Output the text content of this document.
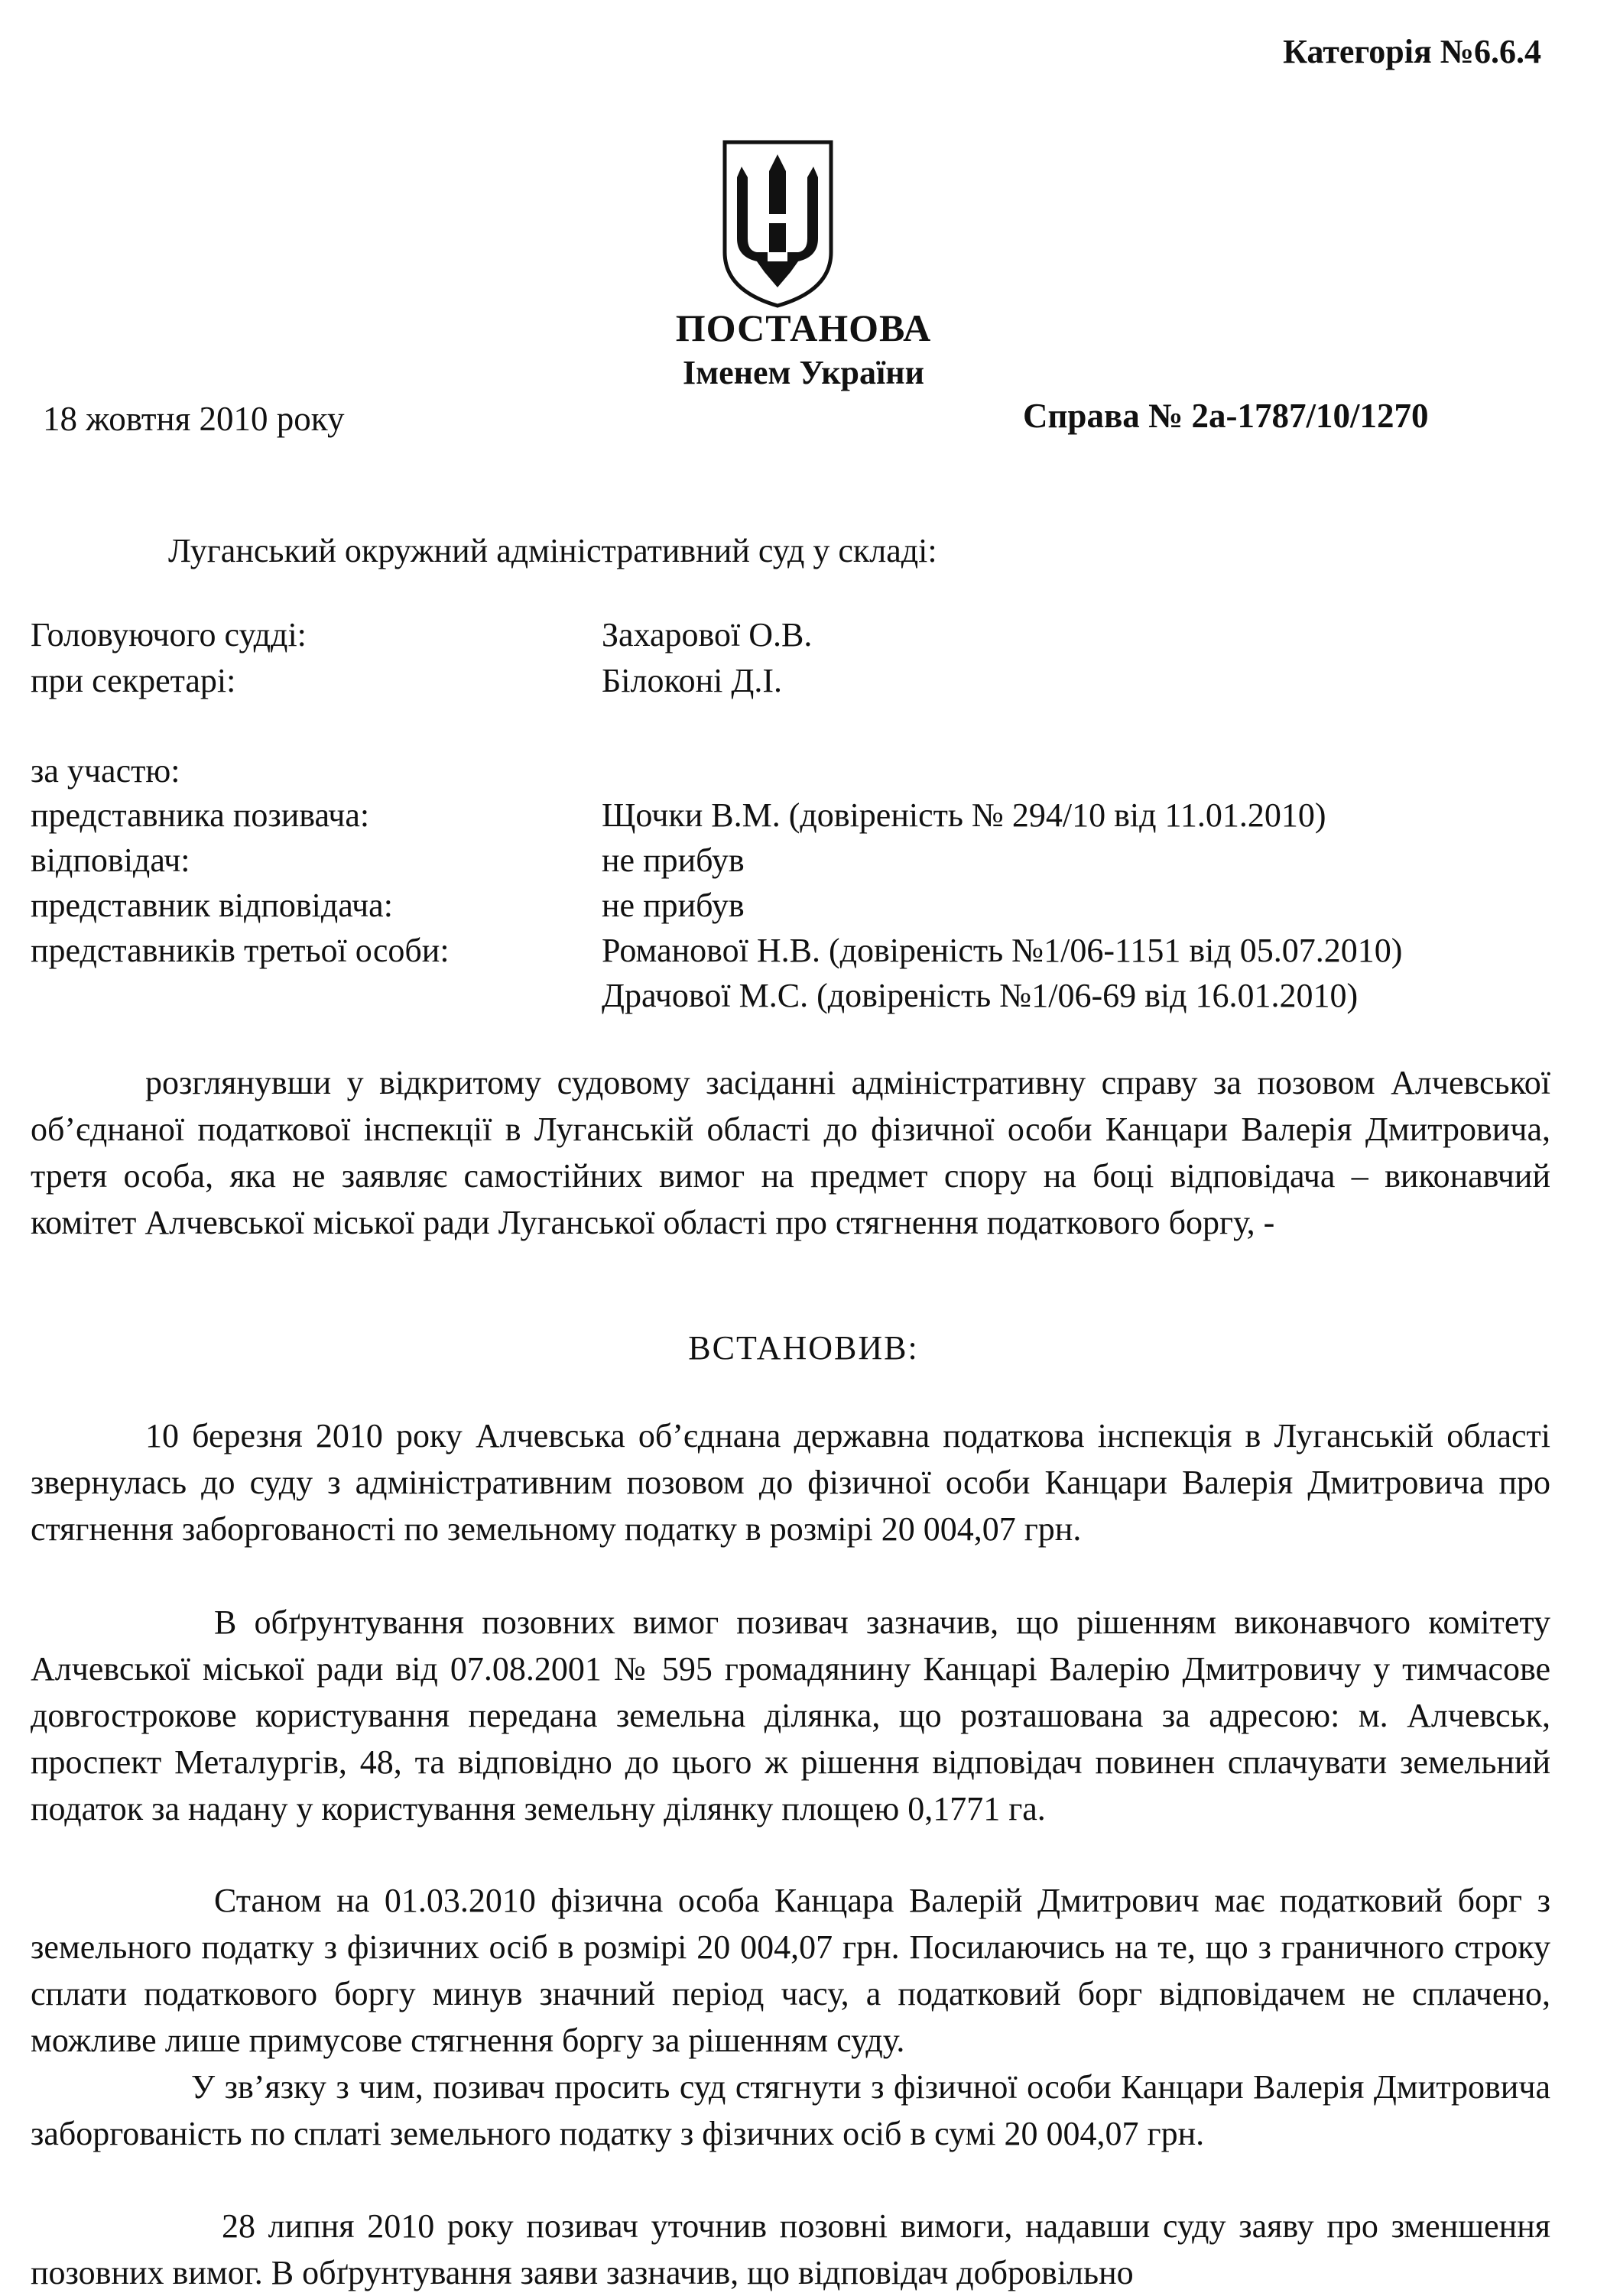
Категорія №6.6.4
ПОСТАНОВА
Іменем України
18 жовтня 2010 року	Справа № 2а-1787/10/1270
Луганський окружний адміністративний суд у складі:
Головуючого судді:	Захарової О.В.
при секретарі:	Білоконі Д.І.
за участю:
представника позивача:	Щочки В.М. (довіреність № 294/10 від 11.01.2010)
відповідач:	не прибув
представник відповідача:	не прибув
представників третьої особи:	Романової Н.В. (довіреність №1/06-1151 від 05.07.2010)
Драчової М.С. (довіреність №1/06-69 від 16.01.2010)
розглянувши у відкритому судовому засіданні адміністративну справу за позовом Алчевської об’єднаної податкової інспекції в Луганській області до фізичної особи Канцари Валерія Дмитровича, третя особа, яка не заявляє самостійних вимог на предмет спору на боці відповідача – виконавчий комітет Алчевської міської ради Луганської області про стягнення податкового боргу, -
ВСТАНОВИВ:
10 березня 2010 року Алчевська об’єднана державна податкова інспекція в Луганській області звернулась до суду з адміністративним позовом до фізичної особи Канцари Валерія Дмитровича про стягнення заборгованості по земельному податку в розмірі 20 004,07 грн.
В обґрунтування позовних вимог позивач зазначив, що рішенням виконавчого комітету Алчевської міської ради від 07.08.2001 № 595 громадянину Канцарі Валерію Дмитровичу у тимчасове довгострокове користування передана земельна ділянка, що розташована за адресою: м. Алчевськ, проспект Металургів, 48, та відповідно до цього ж рішення відповідач повинен сплачувати земельний податок за надану у користування земельну ділянку площею 0,1771 га.
Станом на 01.03.2010 фізична особа Канцара Валерій Дмитрович має податковий борг з земельного податку з фізичних осіб в розмірі 20 004,07 грн. Посилаючись на те, що з граничного строку сплати податкового боргу минув значний період часу, а податковий борг відповідачем не сплачено, можливе лише примусове стягнення боргу за рішенням суду.
У зв’язку з чим, позивач просить суд стягнути з фізичної особи Канцари Валерія Дмитровича заборгованість по сплаті земельного податку з фізичних осіб в сумі 20 004,07 грн.
28 липня 2010 року позивач уточнив позовні вимоги, надавши суду заяву про зменшення позовних вимог. В обґрунтування заяви зазначив, що відповідач добровільно
